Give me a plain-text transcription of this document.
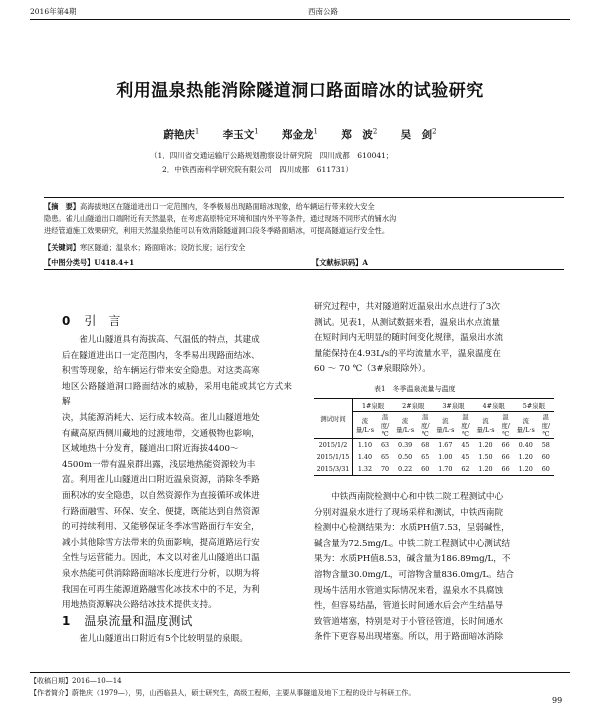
2016年第4期	西南公路
利用温泉热能消除隧道洞口路面暗冰的试验研究
蔚艳庆$^1$ 李玉文$^1$ 郑金龙$^1$ 郑　波$^2$ 吴　剑$^2$
（1．四川省交通运输厅公路规划勘察设计研究院　四川成都　610041；
2．中铁西南科学研究院有限公司　四川成都　611731）
【摘　要】高海拔地区在隧道进出口一定范围内，冬季极易出现路面暗冰现象，给车辆运行带来较大安全
隐患。雀儿山隧道出口端附近有天然温泉，在考虑高原特定环境和国内外平等条件，通过现场不同形式的铺水沟
进经管道施工效果研究，利用天然温泉热能可以有效消除隧道洞口段冬季路面暗冰，可提高隧道运行安全性。
【关键词】寒区隧道；温泉水；路面暗冰；设防长度；运行安全
【中图分类号】U418.4+1	【文献标识码】A
0 引　言
　　雀儿山隧道具有海拔高、气温低的特点，其建成
后在隧道进出口一定范围内，冬季易出现路面结冰、
积雪等现象，给车辆运行带来安全隐患。对这类高寒
地区公路隧道洞口路面结冰的威胁，采用电能或其它方式来解
决，其能源消耗大、运行成本较高。雀儿山隧道地处
有藏高原西侧川藏地的过渡地带，交通极物也影响，
区域地热十分发育，隧道出口附近海拔4400～
4500m一带有温泉群出露，浅层地热能资源较为丰
富。利用雀儿山隧道出口附近温泉资源，消除冬季路
面积冰的安全隐患，以自然资源作为直接循环或体进
行路面融雪、环保、安全、便捷，既能达到自然资源
的可持续利用、又能够保证冬季冰雪路面行车安全，
减小其他除雪方法带来的负面影响，提高道路运行安
全性与运营能力。因此，本文以对雀儿山隧道出口温
泉水热能可供消除路面暗冰长度进行分析，以期为将
我国在可再生能源道路融雪化冰技术中的不足，为利
用地热资源解决公路结冰技术提供支持。
1 温泉流量和温度测试
　　雀儿山隧道出口附近有5个比较明显的泉眼。
研究过程中，共对隧道附近温泉出水点进行了3次
测试。见表1，从测试数据来看，温泉出水点流量
在短时间内无明显的随时间变化规律，温泉出水流
量能保持在4.93L/s的平均流量水平，温泉温度在
60 ～ 70 ℃（3#泉眼除外）。
表1　冬季温泉流量与温度
测试时间	1#泉眼		2#泉眼		3#泉眼		4#泉眼		5#泉眼	
	流量/L·s	温度/℃	流量/L·s	温度/℃	流量/L·s	温度/℃	流量/L·s	温度/℃	流量/L·s	温度/℃
2015/1/2	1.10	63	0.39	68	1.67	45	1.20	66	0.40	58
2015/1/15	1.40	65	0.50	65	1.00	45	1.50	66	1.20	60
2015/3/31	1.32	70	0.22	60	1.70	62	1.20	66	1.20	60
　　中铁西南院检测中心和中铁二院工程测试中心
分别对温泉水进行了现场采样和测试，中铁西南院
检测中心检测结果为：水质PH值7.53，呈弱碱性，
碱含量为72.5mg/L。中铁二院工程测试中心测试结
果为：水质PH值8.53，碱含量为186.89mg/L，不
溶物含量30.0mg/L，可溶物含量836.0mg/L。结合
现场牛活用水管道实际情况来看，温泉水不具腐蚀
性，但容易结晶，管道长时间通水后会产生结晶导
致管道堵塞，特别是对于小管径管道，长时间通水
条件下更容易出现堵塞。所以，用于路面暗冰消除
【收稿日期】2016—10—14
【作者简介】蔚艳庆（1979—），男，山西临县人，硕士研究生，高级工程师，主要从事隧道及地下工程的设计与科研工作。
99
